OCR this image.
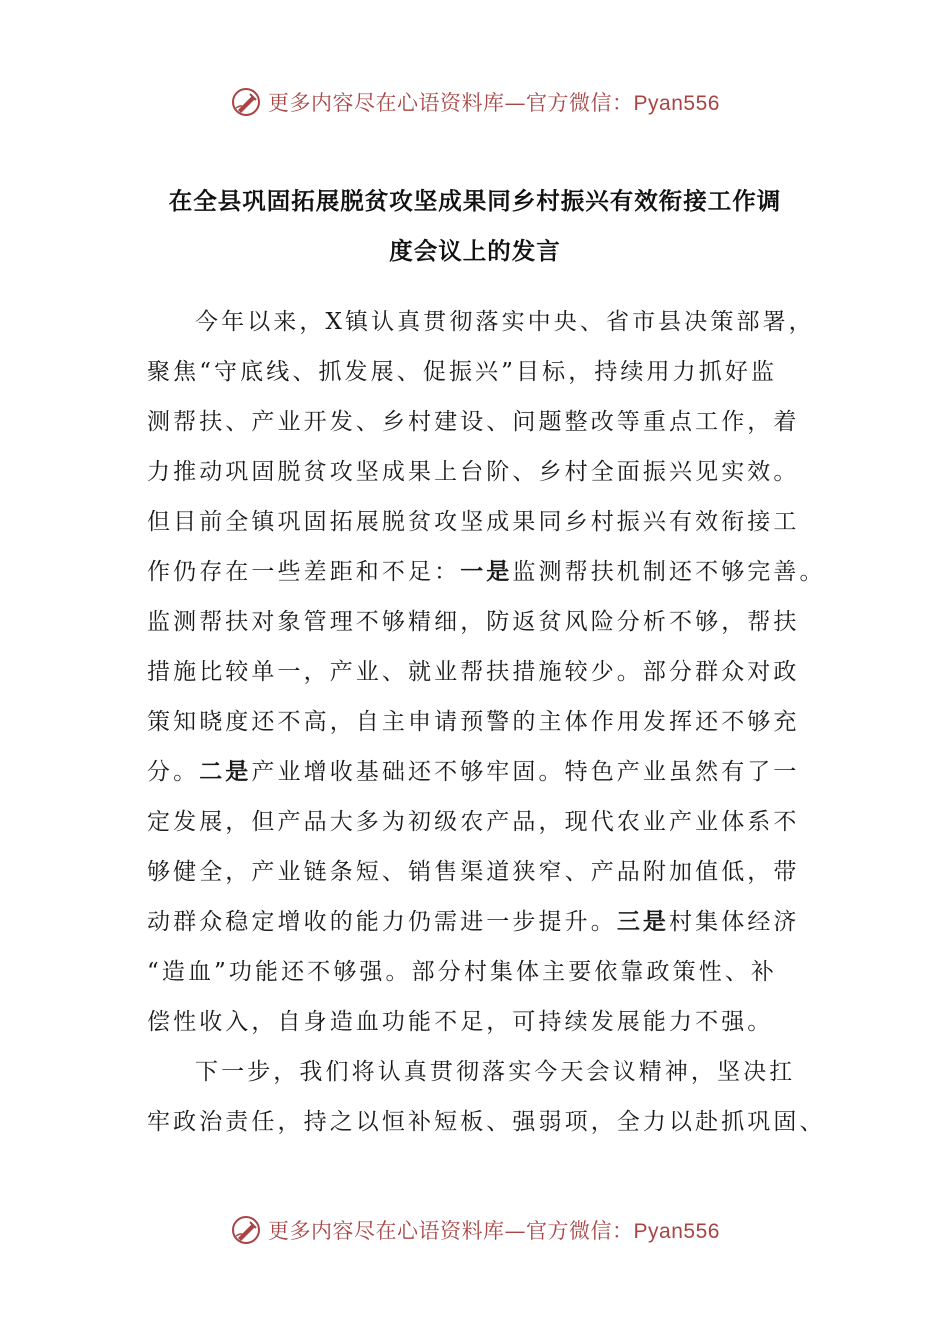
更多内容尽在心语资料库—官方微信：Pyan556
在全县巩固拓展脱贫攻坚成果同乡村振兴有效衔接工作调
度会议上的发言
今年以来，X镇认真贯彻落实中央、省市县决策部署，
聚焦“守底线、抓发展、促振兴”目标，持续用力抓好监
测帮扶、产业开发、乡村建设、问题整改等重点工作，着
力推动巩固脱贫攻坚成果上台阶、乡村全面振兴见实效。
但目前全镇巩固拓展脱贫攻坚成果同乡村振兴有效衔接工
作仍存在一些差距和不足：一是监测帮扶机制还不够完善。
监测帮扶对象管理不够精细，防返贫风险分析不够，帮扶
措施比较单一，产业、就业帮扶措施较少。部分群众对政
策知晓度还不高，自主申请预警的主体作用发挥还不够充
分。二是产业增收基础还不够牢固。特色产业虽然有了一
定发展，但产品大多为初级农产品，现代农业产业体系不
够健全，产业链条短、销售渠道狭窄、产品附加值低，带
动群众稳定增收的能力仍需进一步提升。三是村集体经济
“造血”功能还不够强。部分村集体主要依靠政策性、补
偿性收入，自身造血功能不足，可持续发展能力不强。
下一步，我们将认真贯彻落实今天会议精神，坚决扛
牢政治责任，持之以恒补短板、强弱项，全力以赴抓巩固、
更多内容尽在心语资料库—官方微信：Pyan556
